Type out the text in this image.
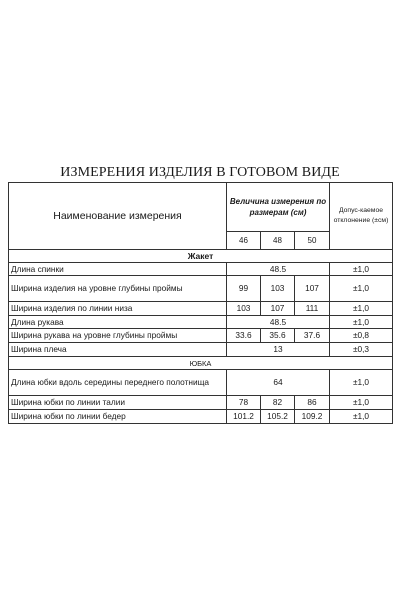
ИЗМЕРЕНИЯ ИЗДЕЛИЯ В ГОТОВОМ ВИДЕ
Наименование измерения	Величина измерения по размерам (см)			Допус-каемое отклонение (±см)
	46	48	50	
Жакет				
Длина спинки	48.5			±1,0
Ширина изделия на уровне глубины проймы	99	103	107	±1,0
Ширина изделия по линии низа	103	107	111	±1,0
Длина рукава	48.5			±1,0
Ширина рукава на уровне глубины проймы	33.6	35.6	37.6	±0,8
Ширина плеча	13			±0,3
ЮБКА				
Длина юбки вдоль середины переднего полотнища	64			±1,0
Ширина юбки по линии талии	78	82	86	±1,0
Ширина юбки по линии бедер	101.2	105.2	109.2	±1,0
